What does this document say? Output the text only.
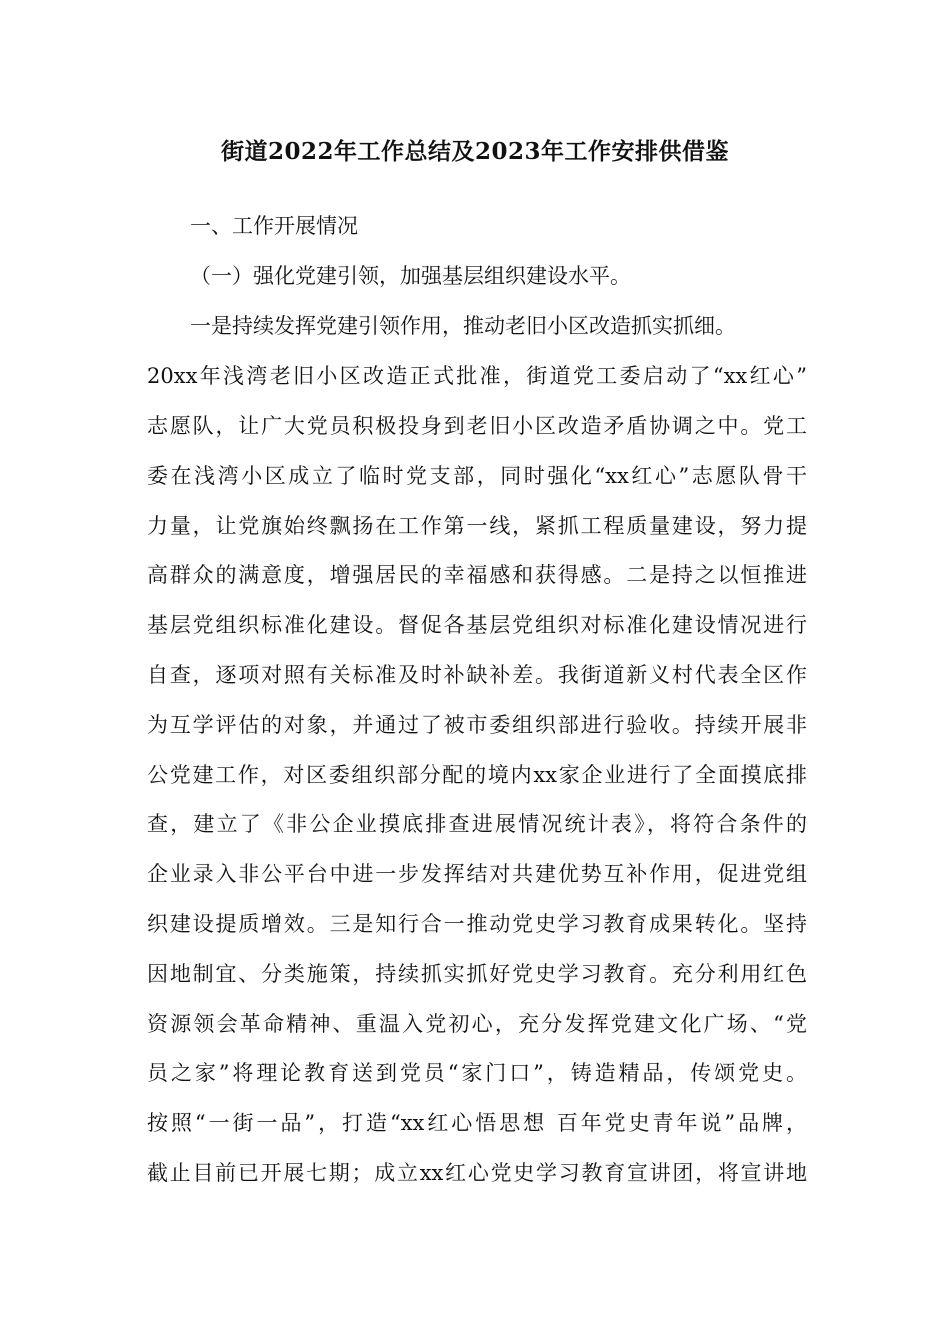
街道2022年工作总结及2023年工作安排供借鉴
一、工作开展情况
（一）强化党建引领，加强基层组织建设水平。
一是持续发挥党建引领作用，推动老旧小区改造抓实抓细。
20xx年浅湾老旧小区改造正式批准，街道党工委启动了“xx红心”
志愿队，让广大党员积极投身到老旧小区改造矛盾协调之中。党工
委在浅湾小区成立了临时党支部，同时强化“xx红心”志愿队骨干
力量，让党旗始终飘扬在工作第一线，紧抓工程质量建设，努力提
高群众的满意度，增强居民的幸福感和获得感。二是持之以恒推进
基层党组织标准化建设。督促各基层党组织对标准化建设情况进行
自查，逐项对照有关标准及时补缺补差。我街道新义村代表全区作
为互学评估的对象，并通过了被市委组织部进行验收。持续开展非
公党建工作，对区委组织部分配的境内xx家企业进行了全面摸底排
查，建立了《非公企业摸底排查进展情况统计表》，将符合条件的
企业录入非公平台中进一步发挥结对共建优势互补作用，促进党组
织建设提质增效。三是知行合一推动党史学习教育成果转化。坚持
因地制宜、分类施策，持续抓实抓好党史学习教育。充分利用红色
资源领会革命精神、重温入党初心，充分发挥党建文化广场、“党
员之家”将理论教育送到党员“家门口”，铸造精品，传颂党史。
按照“一街一品”，打造“xx红心悟思想 百年党史青年说”品牌，
截止目前已开展七期；成立xx红心党史学习教育宣讲团，将宣讲地
